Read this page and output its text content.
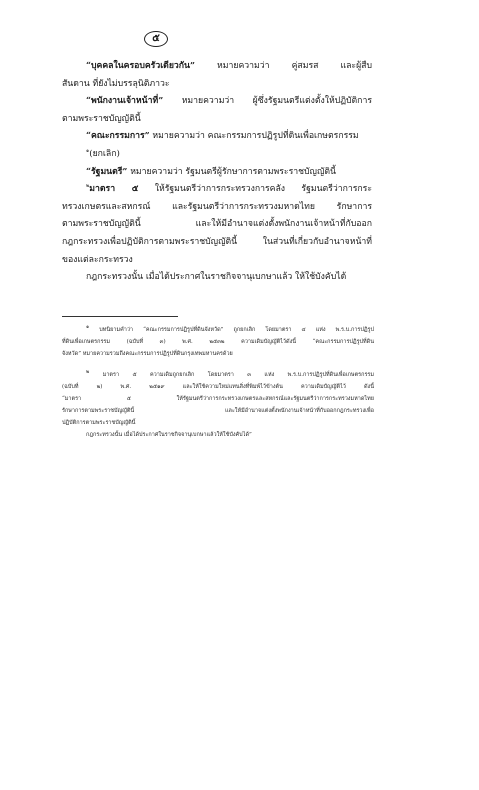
๕

“บุคคลในครอบครัวเดียวกัน” หมายความว่า คู่สมรส และผู้สืบ

สันดาน ที่ยังไม่บรรลุนิติภาวะ

“พนักงานเจ้าหน้าที่” หมายความว่า ผู้ซึ่งรัฐมนตรีแต่งตั้งให้ปฏิบัติการ

ตามพระราชบัญญัตินี้

“คณะกรรมการ” หมายความว่า คณะกรรมการปฏิรูปที่ดินเพื่อเกษตรกรรม

$^๑$(ยกเลิก)

“รัฐมนตรี” หมายความว่า รัฐมนตรีผู้รักษาการตามพระราชบัญญัตินี้

$^๒$มาตรา ๕ ให้รัฐมนตรีว่าการกระทรวงการคลัง รัฐมนตรีว่าการกระ

ทรวงเกษตรและสหกรณ์ และรัฐมนตรีว่าการกระทรวงมหาดไทย รักษาการ

ตามพระราชบัญญัตินี้ และให้มีอำนาจแต่งตั้งพนักงานเจ้าหน้าที่กับออก

กฎกระทรวงเพื่อปฏิบัติการตามพระราชบัญญัตินี้ ในส่วนที่เกี่ยวกับอำนาจหน้าที่

ของแต่ละกระทรวง

กฎกระทรวงนั้น เมื่อได้ประกาศในราชกิจจานุเบกษาแล้ว ให้ใช้บังคับได้

๑ บทนิยามคำว่า “คณะกรรมการปฏิรูปที่ดินจังหวัด” ถูกยกเลิก โดยมาตรา ๔ แห่ง พ.ร.บ.การปฏิรูป

ที่ดินเพื่อเกษตรกรรม (ฉบับที่ ๓) พ.ศ. ๒๕๓๒ ความเดิมบัญญัติไว้ดังนี้ “คณะกรรมการปฏิรูปที่ดิน

จังหวัด” หมายความรวมถึงคณะกรรมการปฏิรูปที่ดินกรุงเทพมหานครด้วย

๒ มาตรา ๕ ความเดิมถูกยกเลิก โดยมาตรา ๓ แห่ง พ.ร.บ.การปฏิรูปที่ดินเพื่อเกษตรกรรม

(ฉบับที่ ๒) พ.ศ. ๒๕๑๙ และให้ใช้ความใหม่แทนสิ่งที่พิมพ์ไว้ข้างต้น ความเดิมบัญญัติไว้ ดังนี้

“มาตรา ๕ ให้รัฐมนตรีว่าการกระทรวงเกษตรและสหกรณ์และรัฐมนตรีว่าการกระทรวงมหาดไทย

รักษาการตามพระราชบัญญัตินี้ และให้มีอำนาจแต่งตั้งพนักงานเจ้าหน้าที่กับออกกฎกระทรวงเพื่อ

ปฏิบัติการตามพระราชบัญญัตินี้

กฎกระทรวงนั้น เมื่อได้ประกาศในราชกิจจานุเบกษาแล้วให้ใช้บังคับได้”
